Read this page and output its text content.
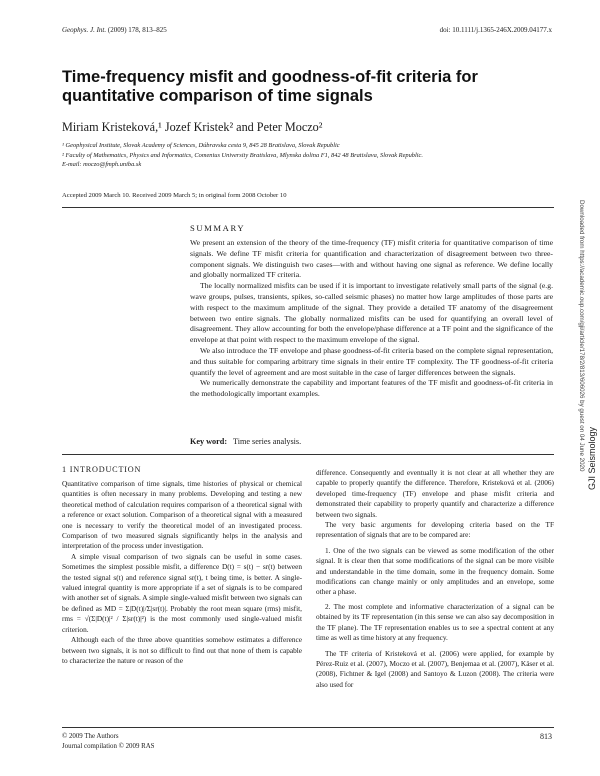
Geophys. J. Int. (2009) 178, 813–825	doi: 10.1111/j.1365-246X.2009.04177.x
Time-frequency misfit and goodness-of-fit criteria for quantitative comparison of time signals
Miriam Kristeková,¹ Jozef Kristek² and Peter Moczo²
¹ Geophysical Institute, Slovak Academy of Sciences, Dúbravska cesta 9, 845 28 Bratislava, Slovak Republic
² Faculty of Mathematics, Physics and Informatics, Comenius University Bratislava, Mlynska dolina F1, 842 48 Bratislava, Slovak Republic.
E-mail: moczo@fmph.uniba.sk
Accepted 2009 March 10. Received 2009 March 5; in original form 2008 October 10
SUMMARY

We present an extension of the theory of the time-frequency (TF) misfit criteria for quantitative comparison of time signals. We define TF misfit criteria for quantification and characterization of disagreement between two three-component signals. We distinguish two cases—with and without having one signal as reference. We define locally and globally normalized TF criteria.

The locally normalized misfits can be used if it is important to investigate relatively small parts of the signal (e.g. wave groups, pulses, transients, spikes, so-called seismic phases) no matter how large amplitudes of those parts are with respect to the maximum amplitude of the signal. They provide a detailed TF anatomy of the disagreement between two entire signals. The globally normalized misfits can be used for quantifying an overall level of disagreement. They allow accounting for both the envelope/phase difference at a TF point and the significance of the envelope at that point with respect to the maximum envelope of the signal.

We also introduce the TF envelope and phase goodness-of-fit criteria based on the complete signal representation, and thus suitable for comparing arbitrary time signals in their entire TF complexity. The TF goodness-of-fit criteria quantify the level of agreement and are most suitable in the case of larger differences between the signals.

We numerically demonstrate the capability and important features of the TF misfit and goodness-of-fit criteria in the methodologically important examples.

Key word: Time series analysis.
1 INTRODUCTION

Quantitative comparison of time signals, time histories of physical or chemical quantities is often necessary in many problems. Developing and testing a new theoretical method of calculation requires comparison of a theoretical signal with a reference or exact solution. Comparison of a theoretical signal with a measured one is necessary to verify the theoretical model of an investigated process. Comparison of two measured signals significantly helps in the analysis and interpretation of the process under investigation.

A simple visual comparison of two signals can be useful in some cases. Sometimes the simplest possible misfit, a difference D(t) = s(t) − sr(t) between the tested signal s(t) and reference signal sr(t), t being time, is better. A single-valued integral quantity is more appropriate if a set of signals is to be compared with another set of signals. A simple single-valued misfit between two signals can be defined as MD = Σ|D(t)|/Σ|sr(t)|. Probably the root mean square (rms) misfit, rms = √(Σ|D(t)|² / Σ|sr(t)|²) is the most commonly used single-valued misfit criterion.

Although each of the three above quantities somehow estimates a difference between two signals, it is not so difficult to find out that none of them is capable to characterize the nature or reason of the

difference. Consequently and eventually it is not clear at all whether they are capable to properly quantify the difference. Therefore, Kristeková et al. (2006) developed time-frequency (TF) envelope and phase misfit criteria and demonstrated their capability to properly quantify and characterize a difference between two signals.

The very basic arguments for developing criteria based on the TF representation of signals that are to be compared are:

1. One of the two signals can be viewed as some modification of the other signal. It is clear then that some modifications of the signal can be more visible and understandable in the time domain, some in the frequency domain. Some modifications can change mainly or only amplitudes and an envelope, some other a phase.

2. The most complete and informative characterization of a signal can be obtained by its TF representation (in this sense we can also say decomposition in the TF plane). The TF representation enables us to see a spectral content at any time as well as time history at any frequency.

The TF criteria of Kristeková et al. (2006) were applied, for example by Pérez-Ruiz et al. (2007), Moczo et al. (2007), Benjemaa et al. (2007), Käser et al. (2008), Fichtner & Igel (2008) and Santoyo & Luzon (2008). The criteria were also used for

© 2009 The Authors
Journal compilation © 2009 RAS
813
Downloaded from https://academic.oup.com/gji/article/178/2/813/606026 by guest on 04 June 2020 GJI Seismology
